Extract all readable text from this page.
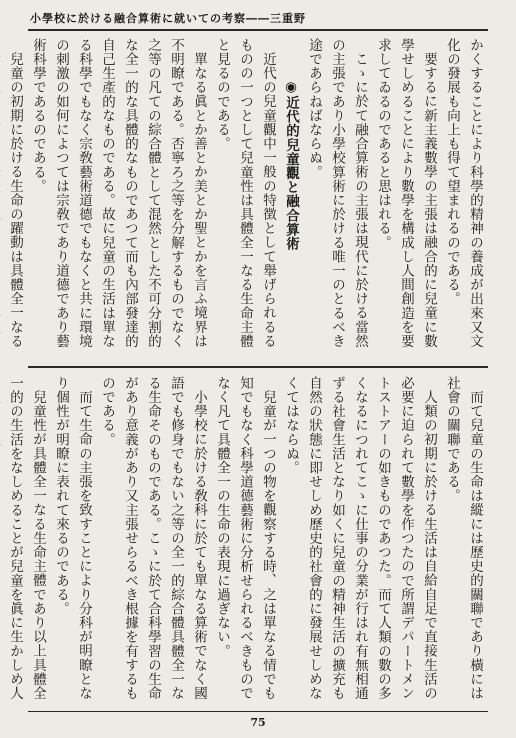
小學校に於ける融合算術に就いての考察――三重野

かくすることにより科學的精神の養成が出來又文化の發展も向上も得て望まれるのである。

要するに新主義數學の主張は融合的に兒童に數學せしめることにより數學を構成し人間創造を要求してゐるのであると思はれる。

こゝに於て融合算術の主張は現代に於ける當然の主張であり小學校算術に於ける唯一のとるべき途であらねばならぬ。

◉近代的兒童觀と融合算術

近代の兒童觀中一般の特徴として舉げられるるものの一つとして兒童性は具體全一なる生命主體と見るのである。

單なる眞とか善とか美とか聖とかを言ふ境界は不明瞭である。否寧ろ之等を分解するものでなく之等の凡ての綜合體として混然とした不可分割的な全一的な具體的なものであつて而も內部發達的自己生產的なものである。故に兒童の生活は單なる科學でもなく宗敎藝術道德でもなくと共に環境の刺激の如何によつては宗敎であり道德であり藝術科學であるのである。

兒童の初期に於ける生命の躍動は具體全一なる

而て兒童の生命は縱には歷史的關聯であり橫には社會の關聯である。

人類の初期に於ける生活は自給自足で直接生活の必要に迫られて數學を作つたので所謂デパートメントストアーの如きものであつた。而て人類の數の多くなるにつれてこゝに仕事の分業が行はれ有無相通ずる社會生活となり如くに兒童の精神生活の擴充も自然の狀態に即せしめ歷史的社會的に發展せしめなくてはならぬ。

兒童が一つの物を觀察する時、之は單なる情でも知でもなく科學道德藝術に分析せられるべきものでなく凡て具體全一の生命の表現に過ぎない。

小學校に於ける敎科に於ても單なる算術でなく國語でも修身でもない之等の全一的綜合體具體全一なる生命そのものである。こゝに於て合科學習の生命があり意義があり又主張せらるべき根據を有するものである。

而て生命の主張を致すことにより分科が明瞭となり個性が明瞭に表れて來るのである。

兒童性が具體全一なる生命主體であり以上具體全一的の生活をなしめることが兒童を眞に生かしめ人

75
